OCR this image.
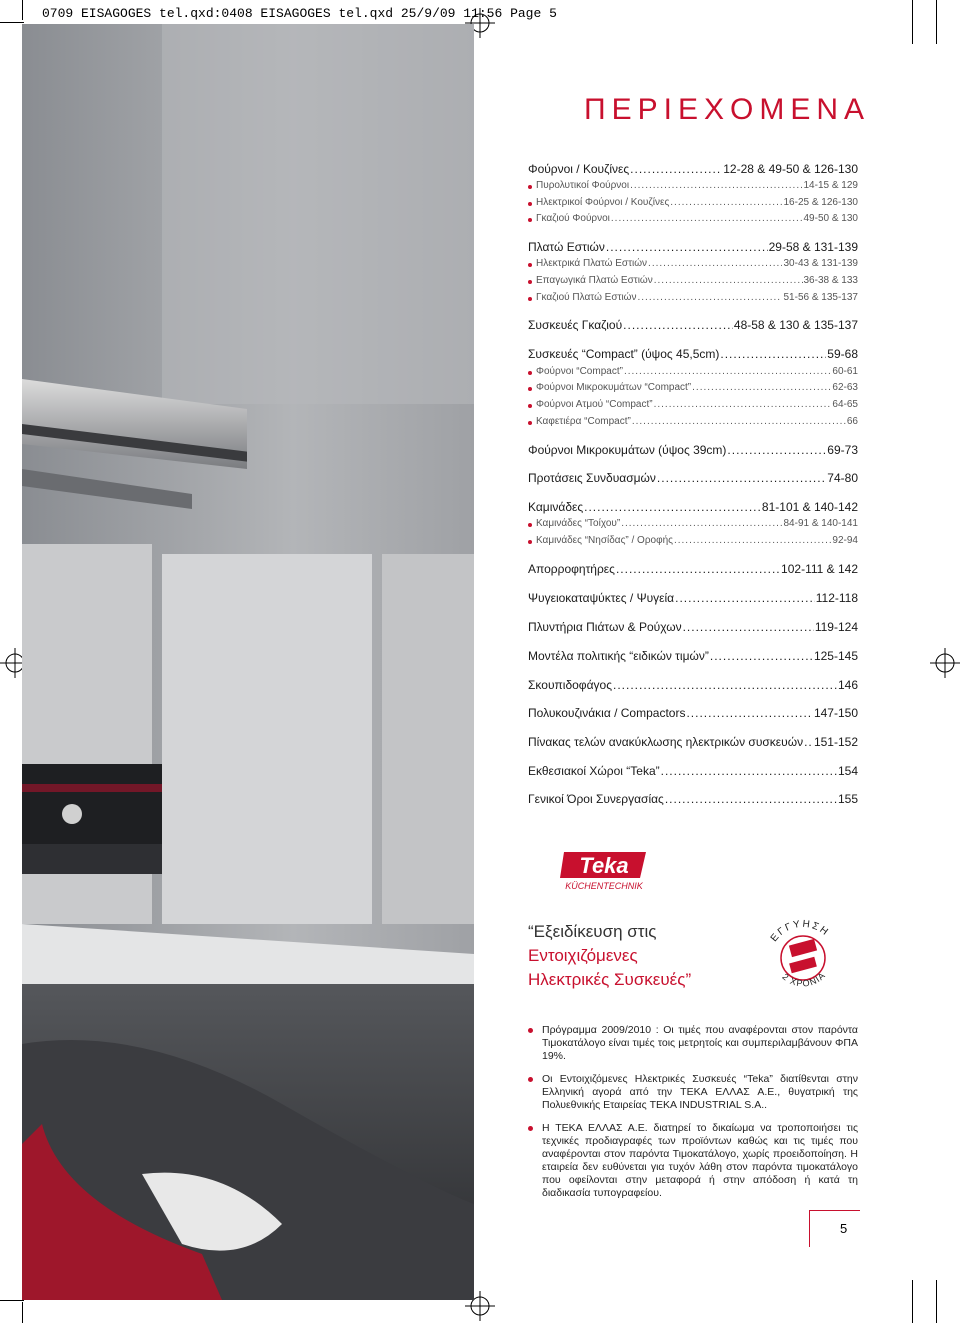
0709 EISAGOGES tel.qxd:0408 EISAGOGES tel.qxd 25/9/09 11:56 Page 5
ΠΕΡΙΕΧΟΜΕΝΑ
Φούρνοι / Κουζίνες .....	12-28 & 49-50 & 126-130
Πυρολυτικοί Φούρνοι .....	14-15 & 129
Ηλεκτρικοί Φούρνοι / Κουζίνες .....	16-25 & 126-130
Γκαζιού Φούρνοι .....	49-50 & 130
Πλατώ Εστιών .....	29-58 & 131-139
Ηλεκτρικά Πλατώ Εστιών .....	30-43 & 131-139
Επαγωγικά Πλατώ Εστιών .....	36-38 & 133
Γκαζιού Πλατώ Εστιών .....	51-56 & 135-137
Συσκευές Γκαζιού .....	48-58 & 130 & 135-137
Συσκευές “Compact” (ύψος 45,5cm) .....	59-68
Φούρνοι “Compact” .....	60-61
Φούρνοι Μικροκυμάτων “Compact” .....	62-63
Φούρνοι Ατμού “Compact” .....	64-65
Καφετιέρα “Compact” .....	66
Φούρνοι Μικροκυμάτων (ύψος 39cm) .....	69-73
Προτάσεις Συνδυασμών .....	74-80
Καμινάδες .....	81-101 & 140-142
Καμινάδες “Τοίχου” .....	84-91 & 140-141
Καμινάδες “Νησίδας” / Οροφής .....	92-94
Απορροφητήρες .....	102-111 & 142
Ψυγειοκαταψύκτες / Ψυγεία .....	112-118
Πλυντήρια Πιάτων & Ρούχων .....	119-124
Μοντέλα πολιτικής “ειδικών τιμών” .....	125-145
Σκουπιδοφάγος .....	146
Πολυκουζινάκια / Compactors .....	147-150
Πίνακας τελών ανακύκλωσης ηλεκτρικών συσκευών ..... 151-152
Εκθεσιακοί Χώροι “Teka” .....	154
Γενικοί Όροι Συνεργασίας .....	155
Teka
KÜCHENTECHNIK
“Εξειδίκευση στις
Εντοιχιζόμενες
Ηλεκτρικές Συσκευές”
ΕΓΓΥΗΣΗ
2 ΧΡΟΝΙΑ
Πρόγραμμα 2009/2010 : Οι τιμές που αναφέρονται στον παρόντα Τιμοκατάλογο είναι τιμές τοις μετρητοίς και συμπεριλαμβάνουν ΦΠΑ 19%.
Οι Εντοιχιζόμενες Ηλεκτρικές Συσκευές “Teka” διατίθενται στην Ελληνική αγορά από την ΤΕΚΑ ΕΛΛΑΣ Α.Ε., θυγατρική της Πολυεθνικής Εταιρείας TEKA INDUSTRIAL S.A..
Η ΤΕΚΑ ΕΛΛΑΣ Α.Ε. διατηρεί το δικαίωμα να τροποποιήσει τις τεχνικές προδιαγραφές των προϊόντων καθώς και τις τιμές που αναφέρονται στον παρόντα Τιμοκατάλογο, χωρίς προειδοποίηση. Η εταιρεία δεν ευθύνεται για τυχόν λάθη στον παρόντα τιμοκατάλογο που οφείλονται στην μεταφορά ή στην απόδοση ή κατά τη διαδικασία τυπογραφείου.
5
